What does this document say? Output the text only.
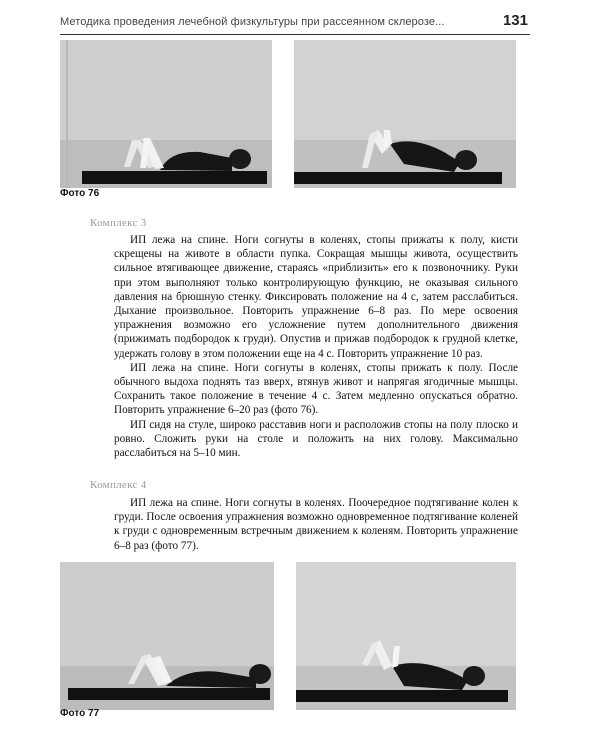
Методика проведения лечебной физкультуры при рассеянном склерозе...	131
Фото 76
Комплекс 3

ИП лежа на спине. Ноги согнуты в коленях, стопы прижаты к полу, кисти скрещены на животе в области пупка. Сокращая мышцы живота, осуществить сильное втягивающее движение, стараясь «приблизить» его к позвоночнику. Руки при этом выполняют только контролирующую функцию, не оказывая сильного давления на брюшную стенку. Фиксировать положение на 4 с, затем расслабиться. Дыхание произвольное. Повторить упражнение 6–8 раз. По мере освоения упражнения возможно его усложнение путем дополнительного движения (прижимать подбородок к груди). Опустив и прижав подбородок к грудной клетке, удержать голову в этом положении еще на 4 с. Повторить упражнение 10 раз.

ИП лежа на спине. Ноги согнуты в коленях, стопы прижать к полу. После обычного выдоха поднять таз вверх, втянув живот и напрягая ягодичные мышцы. Сохранить такое положение в течение 4 с. Затем медленно опускаться обратно. Повторить упражнение 6–20 раз (фото 76).

ИП сидя на стуле, широко расставив ноги и расположив стопы на полу плоско и ровно. Сложить руки на столе и положить на них голову. Максимально расслабиться на 5–10 мин.

Комплекс 4

ИП лежа на спине. Ноги согнуты в коленях. Поочередное подтягивание колен к груди. После освоения упражнения возможно одновременное подтягивание коленей к груди с одновременным встречным движением к коленям. Повторить упражнение 6–8 раз (фото 77).

Фото 77
